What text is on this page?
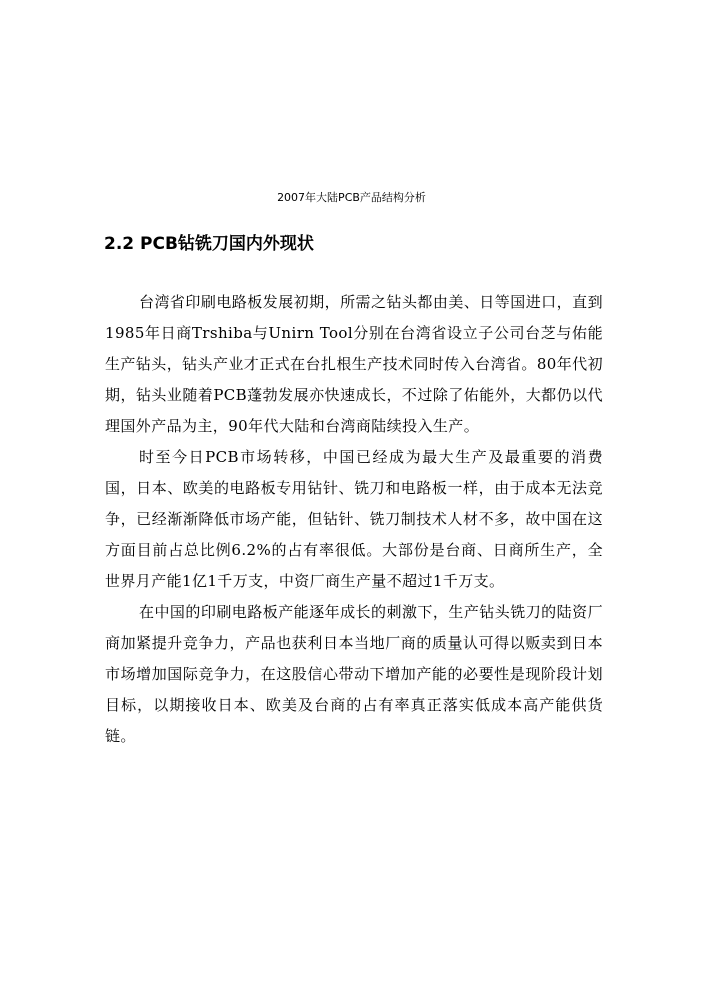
2007年大陆PCB产品结构分析
2.2 PCB钻铣刀国内外现状

台湾省印刷电路板发展初期，所需之钻头都由美、日等国进口，直到1985年日商Trshiba与Unirn Tool分别在台湾省设立子公司台芝与佑能生产钻头，钻头产业才正式在台扎根生产技术同时传入台湾省。80年代初期，钻头业随着PCB蓬勃发展亦快速成长，不过除了佑能外，大都仍以代理国外产品为主，90年代大陆和台湾商陆续投入生产。

时至今日PCB市场转移，中国已经成为最大生产及最重要的消费国，日本、欧美的电路板专用钻针、铣刀和电路板一样，由于成本无法竞争，已经渐渐降低市场产能，但钻针、铣刀制技术人材不多，故中国在这方面目前占总比例6.2%的占有率很低。大部份是台商、日商所生产，全世界月产能1亿1千万支，中资厂商生产量不超过1千万支。

在中国的印刷电路板产能逐年成长的刺激下，生产钻头铣刀的陆资厂商加紧提升竞争力，产品也获利日本当地厂商的质量认可得以贩卖到日本市场增加国际竞争力，在这股信心带动下增加产能的必要性是现阶段计划目标，以期接收日本、欧美及台商的占有率真正落实低成本高产能供货链。
